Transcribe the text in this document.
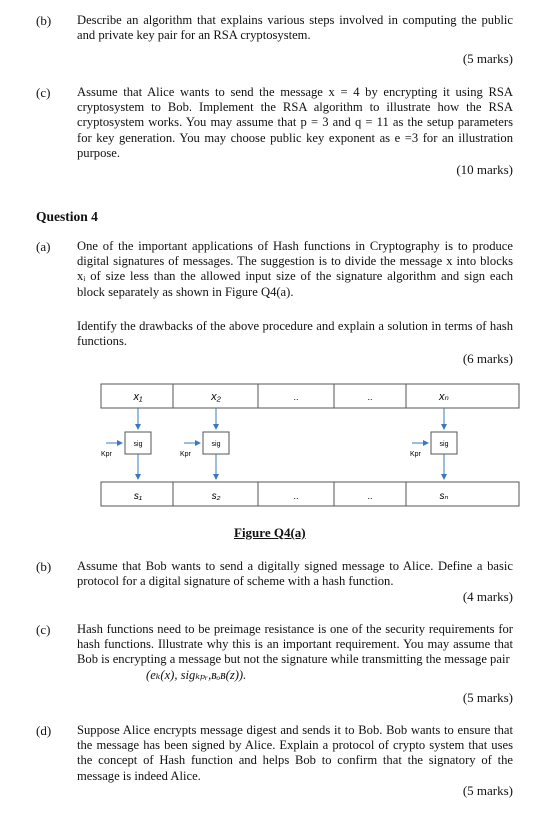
(b) Describe an algorithm that explains various steps involved in computing the public and private key pair for an RSA cryptosystem.
(5 marks)
(c) Assume that Alice wants to send the message x = 4 by encrypting it using RSA cryptosystem to Bob. Implement the RSA algorithm to illustrate how the RSA cryptosystem works. You may assume that p = 3 and q = 11 as the setup parameters for key generation. You may choose public key exponent as e =3 for an illustration purpose.
(10 marks)
Question 4
(a) One of the important applications of Hash functions in Cryptography is to produce digital signatures of messages. The suggestion is to divide the message x into blocks xᵢ of size less than the allowed input size of the signature algorithm and sign each block separately as shown in Figure Q4(a).
Identify the drawbacks of the above procedure and explain a solution in terms of hash functions.
(6 marks)
x₁	x₂	..	..	xₙ
s₁	s₂	..	..	sₙ
sig
Kpr
sig
Kpr
sig
Kpr
Figure Q4(a)
(b) Assume that Bob wants to send a digitally signed message to Alice. Define a basic protocol for a digital signature of scheme with a hash function.
(4 marks)
(c) Hash functions need to be preimage resistance is one of the security requirements for hash functions. Illustrate why this is an important requirement. You may assume that Bob is encrypting a message but not the signature while transmitting the message pair
(eₖ(x), sigₖₚᵣ,ʙₒʙ(z)).
(5 marks)
(d) Suppose Alice encrypts message digest and sends it to Bob. Bob wants to ensure that the message has been signed by Alice. Explain a protocol of crypto system that uses the concept of Hash function and helps Bob to confirm that the signatory of the message is indeed Alice.
(5 marks)
